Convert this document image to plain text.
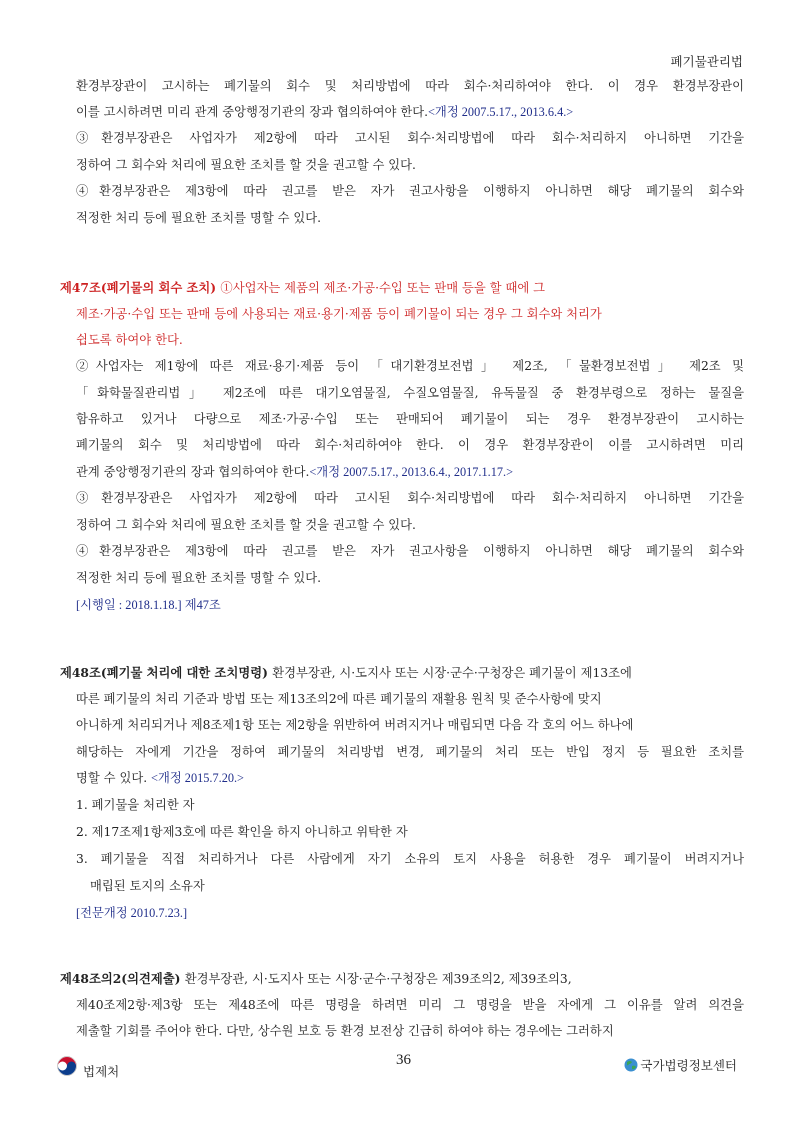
폐기물관리법
환경부장관이 고시하는 폐기물의 회수 및 처리방법에 따라 회수·처리하여야 한다. 이 경우 환경부장관이
이를 고시하려면 미리 관계 중앙행정기관의 장과 협의하여야 한다.<개정 2007.5.17., 2013.6.4.>
③환경부장관은 사업자가 제2항에 따라 고시된 회수·처리방법에 따라 회수·처리하지 아니하면 기간을
정하여 그 회수와 처리에 필요한 조치를 할 것을 권고할 수 있다.
④환경부장관은 제3항에 따라 권고를 받은 자가 권고사항을 이행하지 아니하면 해당 폐기물의 회수와
적정한 처리 등에 필요한 조치를 명할 수 있다.
제47조(폐기물의 회수 조치) ①사업자는 제품의 제조·가공·수입 또는 판매 등을 할 때에 그
제조·가공·수입 또는 판매 등에 사용되는 재료·용기·제품 등이 폐기물이 되는 경우 그 회수와 처리가
쉽도록 하여야 한다.
②사업자는 제1항에 따른 재료·용기·제품 등이 「대기환경보전법」 제2조, 「물환경보전법」 제2조 및
「화학물질관리법」 제2조에 따른 대기오염물질, 수질오염물질, 유독물질 중 환경부령으로 정하는 물질을
함유하고 있거나 다량으로 제조·가공·수입 또는 판매되어 폐기물이 되는 경우 환경부장관이 고시하는
폐기물의 회수 및 처리방법에 따라 회수·처리하여야 한다. 이 경우 환경부장관이 이를 고시하려면 미리
관계 중앙행정기관의 장과 협의하여야 한다.<개정 2007.5.17., 2013.6.4., 2017.1.17.>
③환경부장관은 사업자가 제2항에 따라 고시된 회수·처리방법에 따라 회수·처리하지 아니하면 기간을
정하여 그 회수와 처리에 필요한 조치를 할 것을 권고할 수 있다.
④환경부장관은 제3항에 따라 권고를 받은 자가 권고사항을 이행하지 아니하면 해당 폐기물의 회수와
적정한 처리 등에 필요한 조치를 명할 수 있다.
[시행일 : 2018.1.18.] 제47조
제48조(폐기물 처리에 대한 조치명령) 환경부장관, 시·도지사 또는 시장·군수·구청장은 폐기물이 제13조에
따른 폐기물의 처리 기준과 방법 또는 제13조의2에 따른 폐기물의 재활용 원칙 및 준수사항에 맞지
아니하게 처리되거나 제8조제1항 또는 제2항을 위반하여 버려지거나 매립되면 다음 각 호의 어느 하나에
해당하는 자에게 기간을 정하여 폐기물의 처리방법 변경, 폐기물의 처리 또는 반입 정지 등 필요한 조치를
명할 수 있다. <개정 2015.7.20.>
1. 폐기물을 처리한 자
2. 제17조제1항제3호에 따른 확인을 하지 아니하고 위탁한 자
3. 폐기물을 직접 처리하거나 다른 사람에게 자기 소유의 토지 사용을 허용한 경우 폐기물이 버려지거나
매립된 토지의 소유자
[전문개정 2010.7.23.]
제48조의2(의견제출) 환경부장관, 시·도지사 또는 시장·군수·구청장은 제39조의2, 제39조의3,
제40조제2항·제3항 또는 제48조에 따른 명령을 하려면 미리 그 명령을 받을 자에게 그 이유를 알려 의견을
제출할 기회를 주어야 한다. 다만, 상수원 보호 등 환경 보전상 긴급히 하여야 하는 경우에는 그러하지
법제처
36	국가법령정보센터
